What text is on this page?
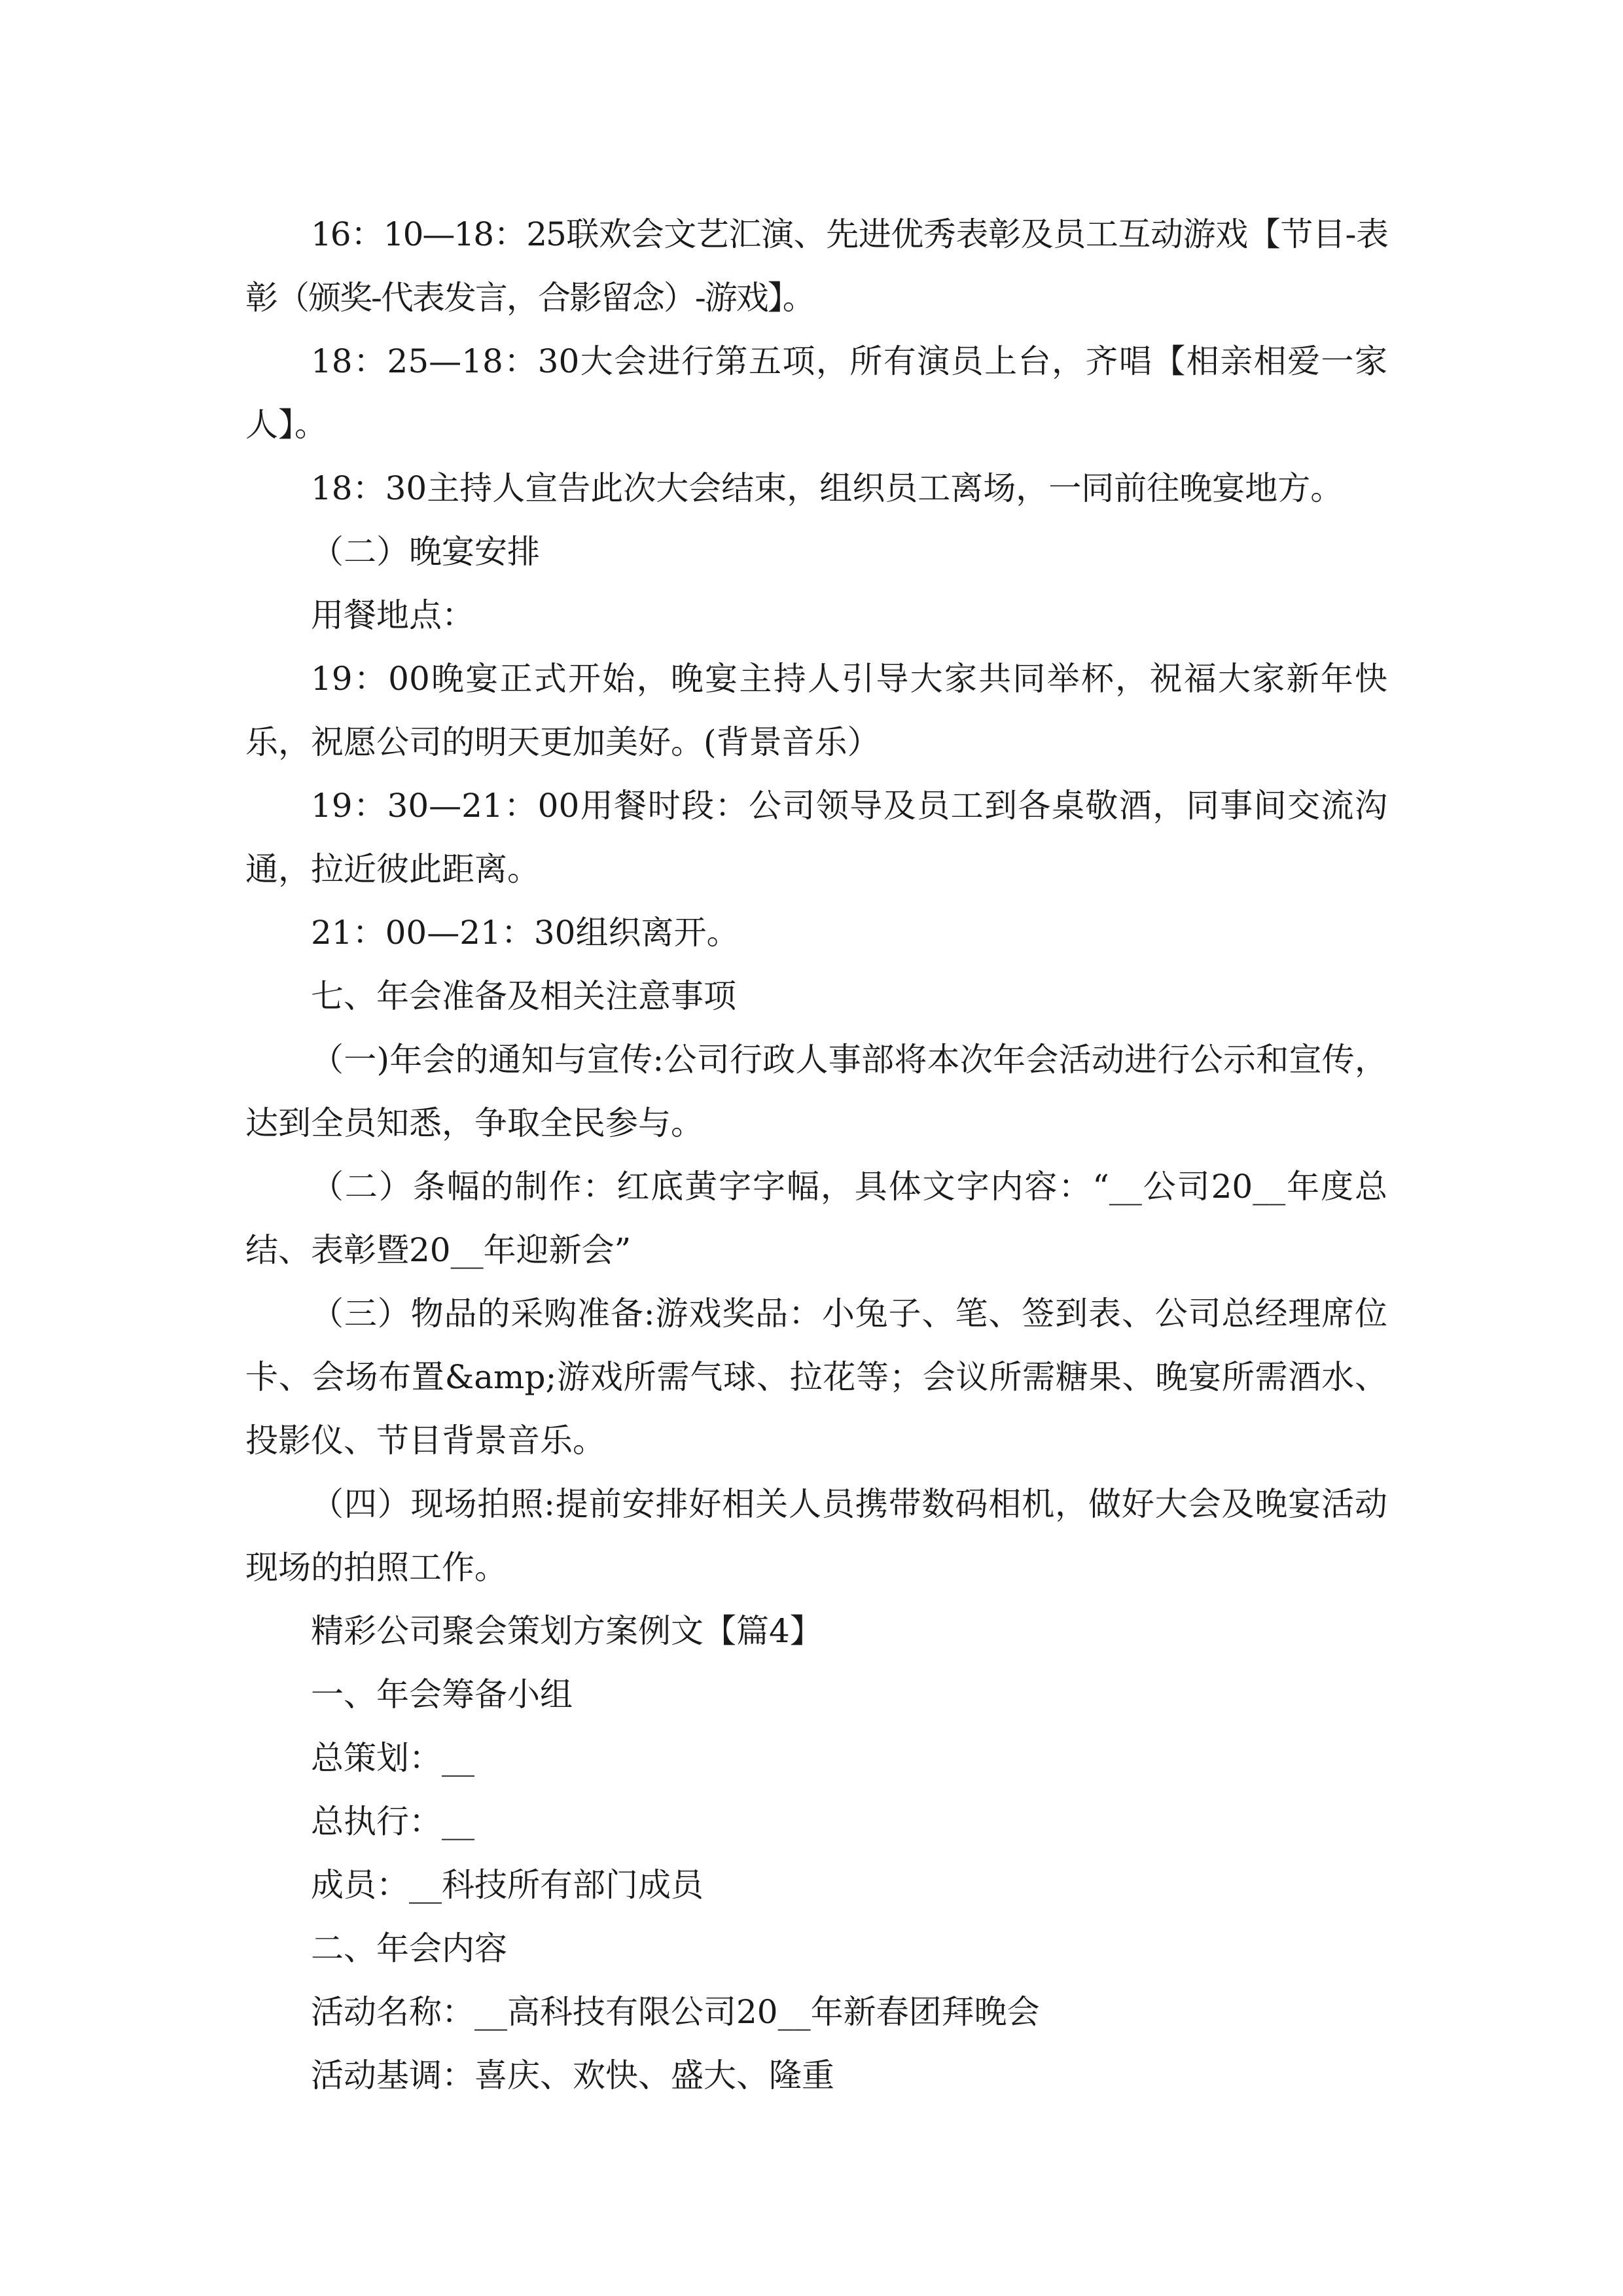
16：10—18：25联欢会文艺汇演、先进优秀表彰及员工互动游戏【节目-表彰（颁奖-代表发言，合影留念）-游戏】。

18：25—18：30大会进行第五项，所有演员上台，齐唱【相亲相爱一家人】。

18：30主持人宣告此次大会结束，组织员工离场，一同前往晚宴地方。

（二）晚宴安排

用餐地点：

19：00晚宴正式开始，晚宴主持人引导大家共同举杯，祝福大家新年快乐，祝愿公司的明天更加美好。(背景音乐）

19：30—21：00用餐时段：公司领导及员工到各桌敬酒，同事间交流沟通，拉近彼此距离。

21：00—21：30组织离开。

七、年会准备及相关注意事项

（一)年会的通知与宣传:公司行政人事部将本次年会活动进行公示和宣传，达到全员知悉，争取全民参与。

（二）条幅的制作：红底黄字字幅，具体文字内容：“__公司20__年度总结、表彰暨20__年迎新会”

（三）物品的采购准备:游戏奖品：小兔子、笔、签到表、公司总经理席位卡、会场布置&amp;游戏所需气球、拉花等；会议所需糖果、晚宴所需酒水、投影仪、节目背景音乐。

（四）现场拍照:提前安排好相关人员携带数码相机，做好大会及晚宴活动现场的拍照工作。

精彩公司聚会策划方案例文【篇4】

一、年会筹备小组

总策划：__

总执行：__

成员：__科技所有部门成员

二、年会内容

活动名称：__高科技有限公司20__年新春团拜晚会

活动基调：喜庆、欢快、盛大、隆重
